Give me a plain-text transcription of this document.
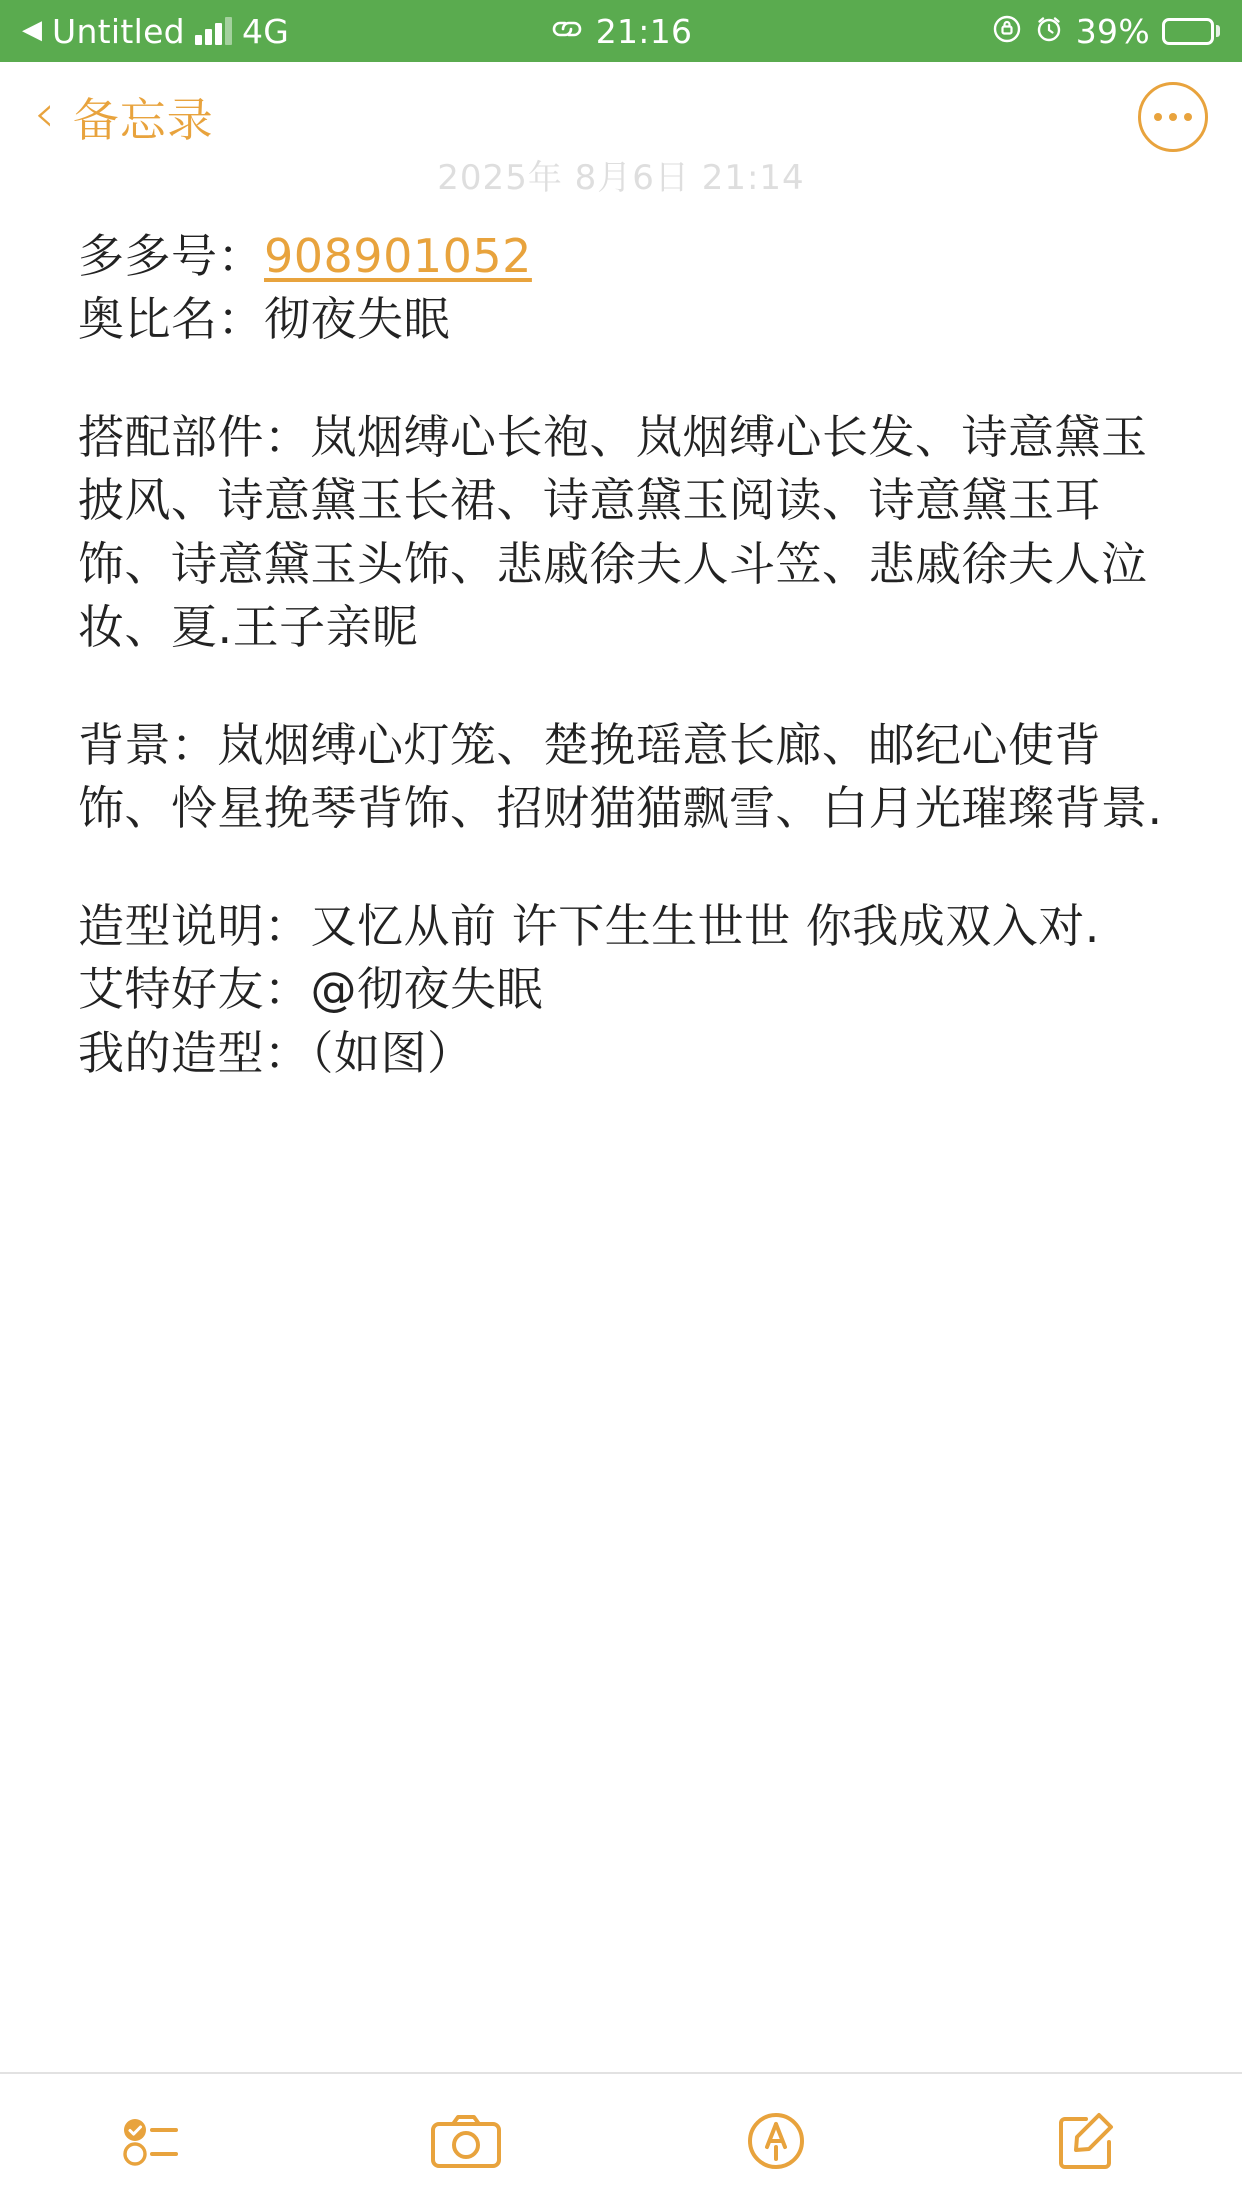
◀ Untitled 4G	21:16	39%
‹ 备忘录
2025年 8月6日 21:14
多多号：908901052
奥比名：彻夜失眠
搭配部件：岚烟缚心长袍、岚烟缚心长发、诗意黛玉披风、诗意黛玉长裙、诗意黛玉阅读、诗意黛玉耳饰、诗意黛玉头饰、悲戚徐夫人斗笠、悲戚徐夫人泣妆、夏.王子亲昵
背景：岚烟缚心灯笼、楚挽瑶意长廊、邮纪心使背饰、怜星挽琴背饰、招财猫猫飘雪、白月光璀璨背景.
造型说明：又忆从前 许下生生世世 你我成双入对.
艾特好友：@彻夜失眠
我的造型：（如图）
